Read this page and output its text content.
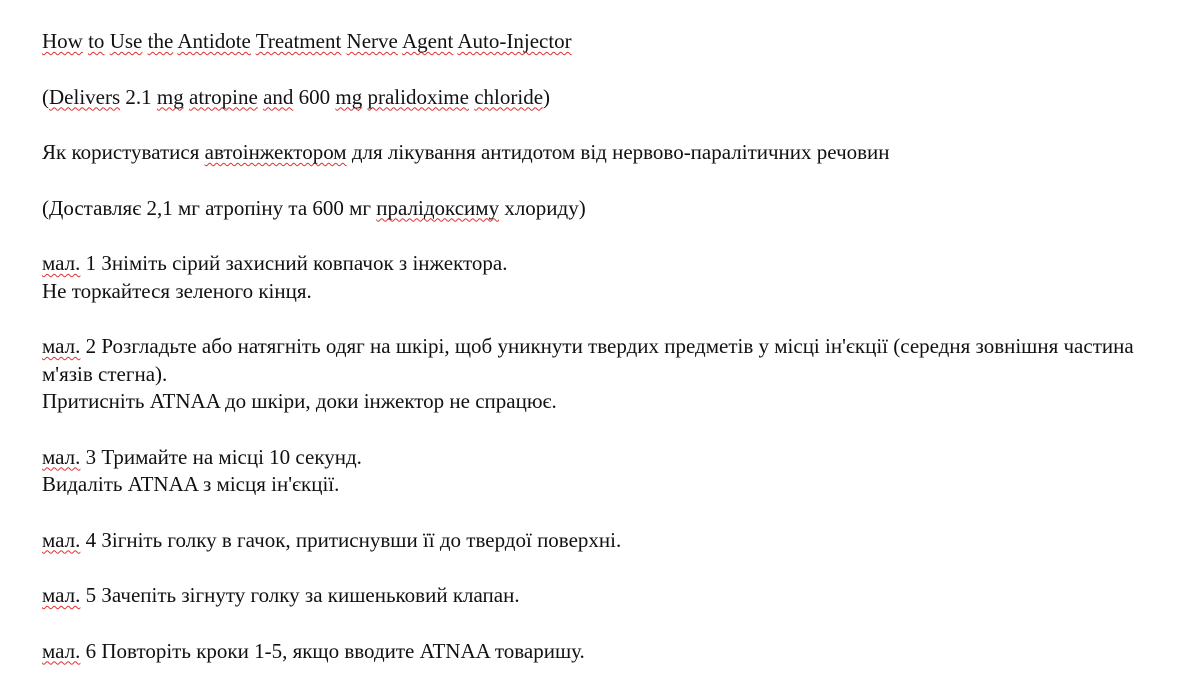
How to Use the Antidote Treatment Nerve Agent Auto-Injector

(Delivers 2.1 mg atropine and 600 mg pralidoxime chloride)

Як користуватися автоінжектором для лікування антидотом від нервово-паралітичних речовин

(Доставляє 2,1 мг атропіну та 600 мг пралідоксиму хлориду)

мал. 1 Зніміть сірий захисний ковпачок з інжектора.
Не торкайтеся зеленого кінця.

мал. 2 Розгладьте або натягніть одяг на шкірі, щоб уникнути твердих предметів у місці ін'єкції (середня зовнішня частина м'язів стегна).
Притисніть ATNAA до шкіри, доки інжектор не спрацює.

мал. 3 Тримайте на місці 10 секунд.
Видаліть ATNAA з місця ін'єкції.

мал. 4 Зігніть голку в гачок, притиснувши її до твердої поверхні.

мал. 5 Зачепіть зігнуту голку за кишеньковий клапан.

мал. 6 Повторіть кроки 1-5, якщо вводите ATNAA товаришу.
